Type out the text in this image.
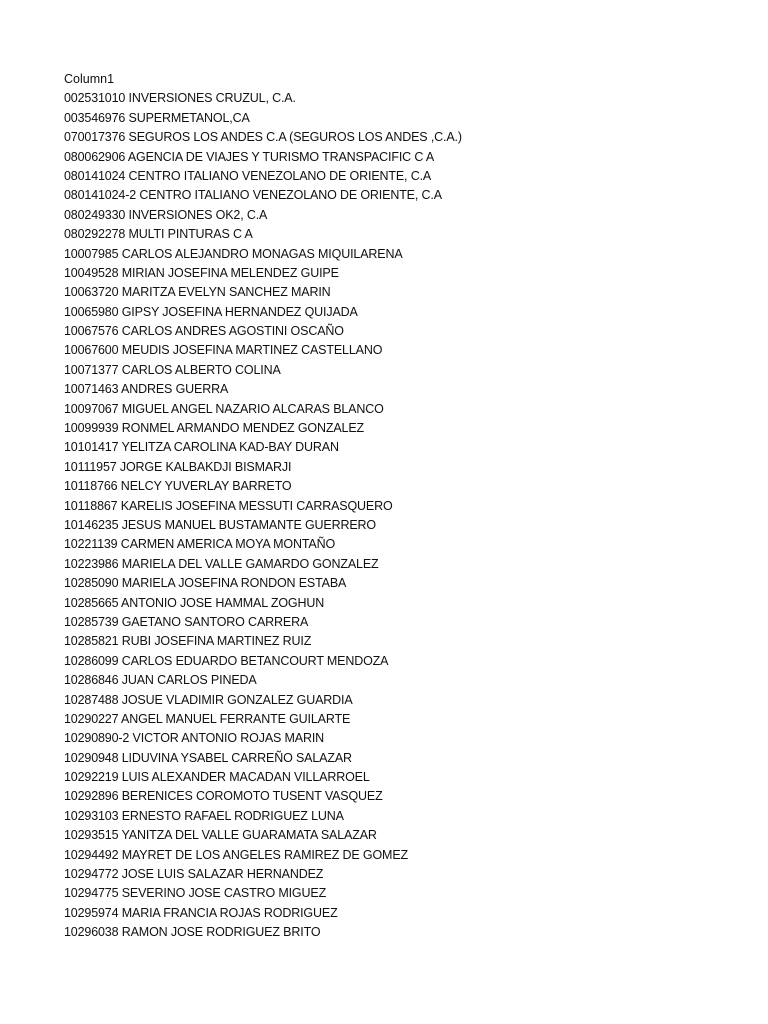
Column1
002531010 INVERSIONES CRUZUL, C.A.
003546976 SUPERMETANOL,CA
070017376 SEGUROS LOS ANDES C.A (SEGUROS LOS ANDES ,C.A.)
080062906 AGENCIA DE VIAJES Y TURISMO TRANSPACIFIC C A
080141024 CENTRO ITALIANO VENEZOLANO DE ORIENTE, C.A
080141024-2 CENTRO ITALIANO VENEZOLANO DE ORIENTE, C.A
080249330 INVERSIONES OK2, C.A
080292278 MULTI PINTURAS C A
10007985 CARLOS ALEJANDRO MONAGAS MIQUILARENA
10049528 MIRIAN JOSEFINA MELENDEZ GUIPE
10063720 MARITZA EVELYN SANCHEZ MARIN
10065980 GIPSY JOSEFINA HERNANDEZ QUIJADA
10067576 CARLOS ANDRES AGOSTINI OSCAÑO
10067600 MEUDIS JOSEFINA MARTINEZ CASTELLANO
10071377 CARLOS ALBERTO COLINA
10071463 ANDRES GUERRA
10097067 MIGUEL ANGEL NAZARIO ALCARAS BLANCO
10099939 RONMEL ARMANDO MENDEZ GONZALEZ
10101417 YELITZA CAROLINA KAD-BAY DURAN
10111957 JORGE KALBAKDJI BISMARJI
10118766 NELCY YUVERLAY BARRETO
10118867 KARELIS JOSEFINA MESSUTI CARRASQUERO
10146235 JESUS MANUEL BUSTAMANTE GUERRERO
10221139 CARMEN AMERICA MOYA MONTAÑO
10223986 MARIELA DEL VALLE GAMARDO GONZALEZ
10285090 MARIELA JOSEFINA RONDON ESTABA
10285665 ANTONIO JOSE HAMMAL ZOGHUN
10285739 GAETANO SANTORO CARRERA
10285821 RUBI JOSEFINA MARTINEZ RUIZ
10286099 CARLOS EDUARDO BETANCOURT MENDOZA
10286846 JUAN CARLOS PINEDA
10287488 JOSUE VLADIMIR GONZALEZ GUARDIA
10290227 ANGEL MANUEL FERRANTE GUILARTE
10290890-2 VICTOR ANTONIO ROJAS MARIN
10290948 LIDUVINA YSABEL CARREÑO SALAZAR
10292219 LUIS ALEXANDER MACADAN VILLARROEL
10292896 BERENICES COROMOTO TUSENT VASQUEZ
10293103 ERNESTO RAFAEL RODRIGUEZ LUNA
10293515 YANITZA DEL VALLE GUARAMATA SALAZAR
10294492 MAYRET DE LOS ANGELES RAMIREZ DE GOMEZ
10294772 JOSE LUIS SALAZAR HERNANDEZ
10294775 SEVERINO JOSE CASTRO MIGUEZ
10295974 MARIA FRANCIA ROJAS RODRIGUEZ
10296038 RAMON JOSE RODRIGUEZ BRITO
